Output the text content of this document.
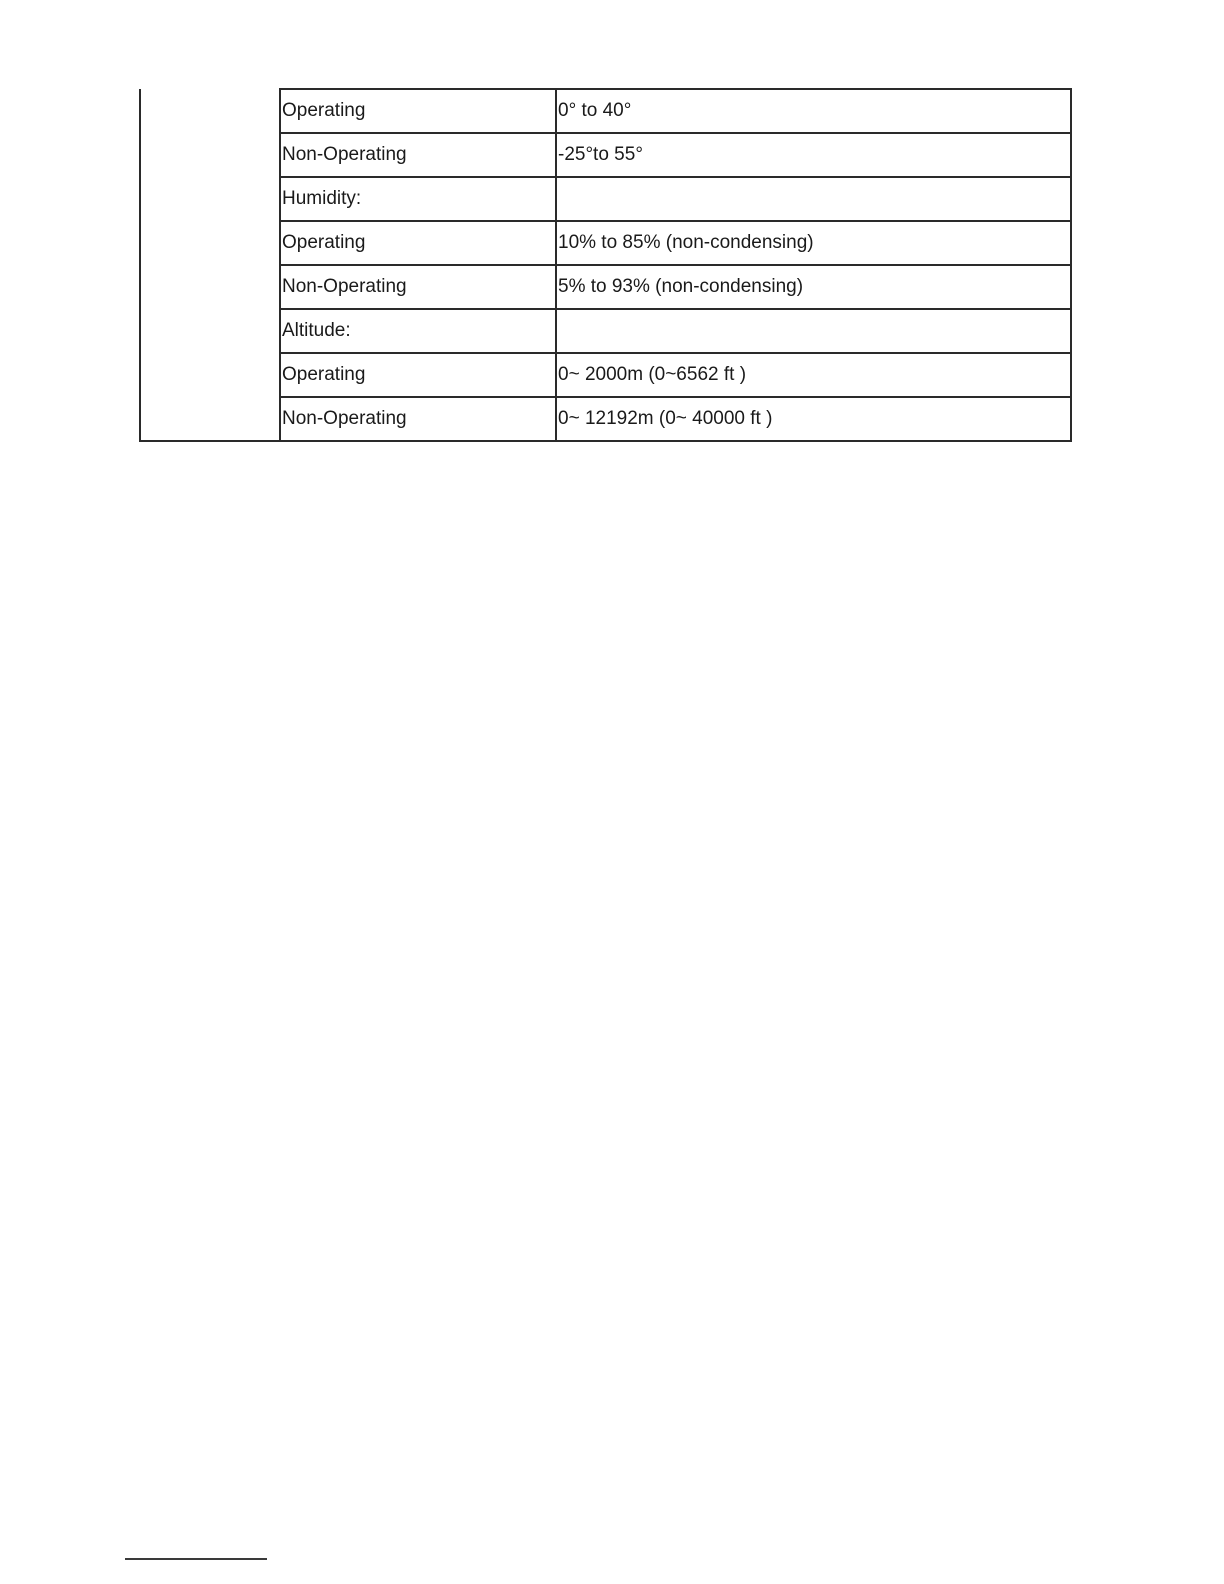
	Operating	0° to 40°
	Non-Operating	-25°to 55°
	Humidity:	
	Operating	10% to 85% (non-condensing)
	Non-Operating	5% to 93% (non-condensing)
	Altitude:	
	Operating	0~ 2000m (0~6562 ft )
	Non-Operating	0~ 12192m (0~ 40000 ft )
